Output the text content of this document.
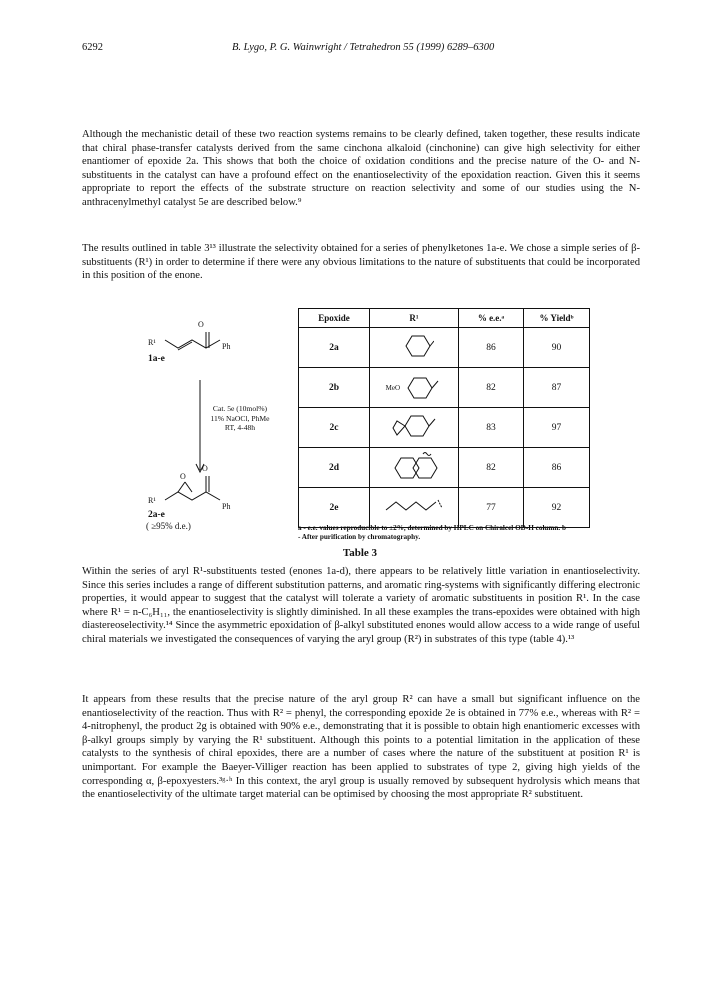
6292	B. Lygo, P. G. Wainwright / Tetrahedron 55 (1999) 6289–6300

Although the mechanistic detail of these two reaction systems remains to be clearly defined, taken together, these results indicate that chiral phase-transfer catalysts derived from the same cinchona alkaloid (cinchonine) can give high selectivity for either enantiomer of epoxide 2a. This shows that both the choice of oxidation conditions and the precise nature of the O- and N-substituents in the catalyst can have a profound effect on the enantioselectivity of the epoxidation reaction. Given this it seems appropriate to report the effects of the substrate structure on reaction selectivity and some of our studies using the N-anthracenylmethyl catalyst 5e are described below.⁹

The results outlined in table 3¹³ illustrate the selectivity obtained for a series of phenylketones 1a-e. We chose a simple series of β-substituents (R¹) in order to determine if there were any obvious limitations to the nature of substituents that could be incorporated in this position of the enone.

O
R¹	Ph
1a-e
Cat. 5e (10mol%)
11% NaOCl, PhMe
RT, 4-48h
O
O
R¹
Ph
2a-e
( ≥95% d.e.)
Epoxide	R¹	% e.e.ᵃ	% Yieldᵇ
2a		86	90
2b	MeO	82	87
2c		83	97
2d		82	86
2e		77	92
a - e.e. values reproducible to ±2%, determined by HPLC on Chiralcel OD-H column. b - After purification by chromatography.
Table 3

Within the series of aryl R¹-substituents tested (enones 1a-d), there appears to be relatively little variation in enantioselectivity. Since this series includes a range of different substitution patterns, and aromatic ring-systems with significantly differing electronic properties, it would appear to suggest that the catalyst will tolerate a variety of aromatic substituents in position R¹. In the case where R¹ = n-C₆H₁₁, the enantioselectivity is slightly diminished. In all these examples the trans-epoxides were obtained with high diastereoselectivity.¹⁴ Since the asymmetric epoxidation of β-alkyl substituted enones would allow access to a wide range of useful chiral materials we investigated the consequences of varying the aryl group (R²) in substrates of this type (table 4).¹³

It appears from these results that the precise nature of the aryl group R² can have a small but significant influence on the enantioselectivity of the reaction. Thus with R² = phenyl, the corresponding epoxide 2e is obtained in 77% e.e., whereas with R² = 4-nitrophenyl, the product 2g is obtained with 90% e.e., demonstrating that it is possible to obtain high enantiomeric excesses with β-alkyl groups simply by varying the R¹ substituent. Although this points to a potential limitation in the application of these catalysts to the synthesis of chiral epoxides, there are a number of cases where the nature of the substituent at position R¹ is unimportant. For example the Baeyer-Villiger reaction has been applied to substrates of type 2, giving high yields of the corresponding α, β-epoxyesters.³ᵍ·ʰ In this context, the aryl group is usually removed by subsequent hydrolysis which means that the enantioselectivity of the ultimate target material can be optimised by choosing the most appropriate R² substituent.
